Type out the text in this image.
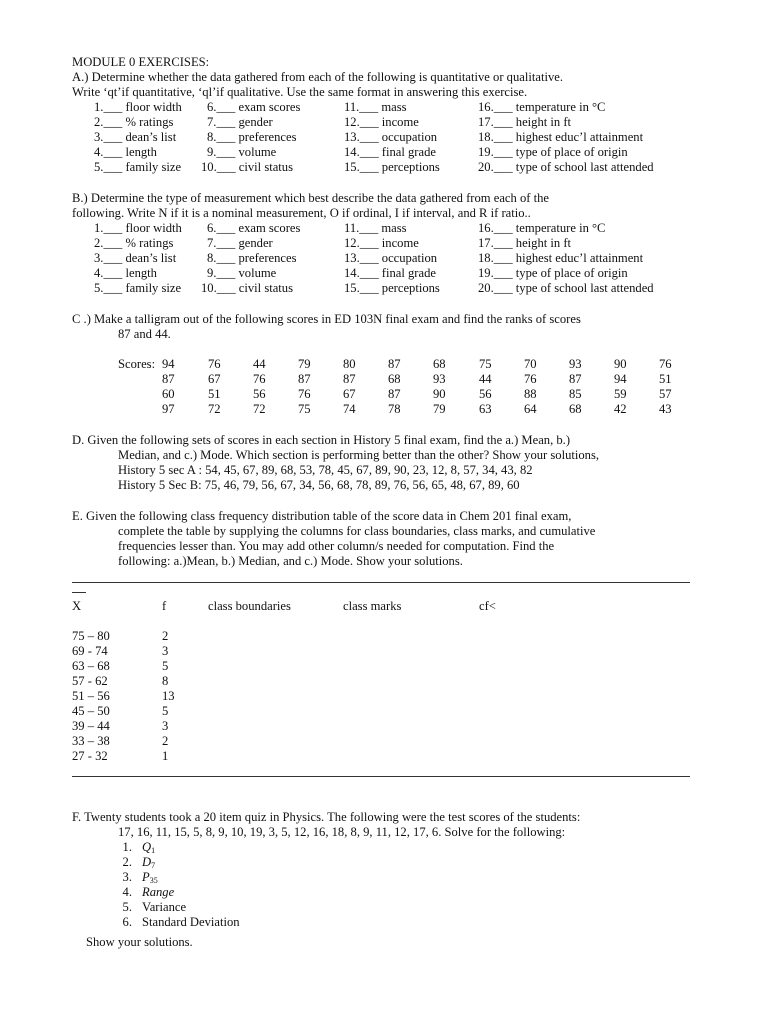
MODULE 0 EXERCISES:
A.) Determine whether the data gathered from each of the following is quantitative or qualitative.
Write ‘qt’if quantitative, ‘ql’if qualitative. Use the same format in answering this exercise.
1.___ floor width 6.___ exam scores	11.___ mass	16.___ temperature in °C
2.___ % ratings	7.___ gender	12.___ income	17.___ height in ft
3.___ dean’s list 8.___ preferences	13.___ occupation	18.___ highest educ’l attainment
4.___ length	9.___ volume	14.___ final grade	19.___ type of place of origin
5.___ family size 10.___ civil status	15.___ perceptions	20.___ type of school last attended
B.) Determine the type of measurement which best describe the data gathered from each of the
following. Write N if it is a nominal measurement, O if ordinal, I if interval, and R if ratio..
1.___ floor width 6.___ exam scores	11.___ mass	16.___ temperature in °C
2.___ % ratings	7.___ gender	12.___ income	17.___ height in ft
3.___ dean’s list 8.___ preferences	13.___ occupation	18.___ highest educ’l attainment
4.___ length	9.___ volume	14.___ final grade	19.___ type of place of origin
5.___ family size 10.___ civil status	15.___ perceptions	20.___ type of school last attended
C .) Make a talligram out of the following scores in ED 103N final exam and find the ranks of scores
87 and 44.
Scores: 94	76	44	79	80	87	68	75	70	93	90	76
87	67	76	87	87	68	93	44	76	87	94	51
60	51	56	76	67	87	90	56	88	85	59	57
97	72	72	75	74	78	79	63	64	68	42	43
D. Given the following sets of scores in each section in History 5 final exam, find the a.) Mean, b.)
Median, and c.) Mode. Which section is performing better than the other? Show your solutions,
History 5 sec A : 54, 45, 67, 89, 68, 53, 78, 45, 67, 89, 90, 23, 12, 8, 57, 34, 43, 82
History 5 Sec B: 75, 46, 79, 56, 67, 34, 56, 68, 78, 89, 76, 56, 65, 48, 67, 89, 60
E. Given the following class frequency distribution table of the score data in Chem 201 final exam,
complete the table by supplying the columns for class boundaries, class marks, and cumulative
frequencies lesser than. You may add other column/s needed for computation. Find the
following: a.)Mean, b.) Median, and c.) Mode. Show your solutions.
X	f	class boundaries	class marks	cf<
75 – 80	2
69 - 74	3
63 – 68	5
57 - 62	8
51 – 56	13
45 – 50	5
39 – 44	3
33 – 38	2
27 - 32	1
F. Twenty students took a 20 item quiz in Physics. The following were the test scores of the students:
17, 16, 11, 15, 5, 8, 9, 10, 19, 3, 5, 12, 16, 18, 8, 9, 11, 12, 17, 6. Solve for the following:
1. $Q_1$
2. $D_7$
3. $P_{35}$
4. Range
5. Variance
6. Standard Deviation
Show your solutions.
